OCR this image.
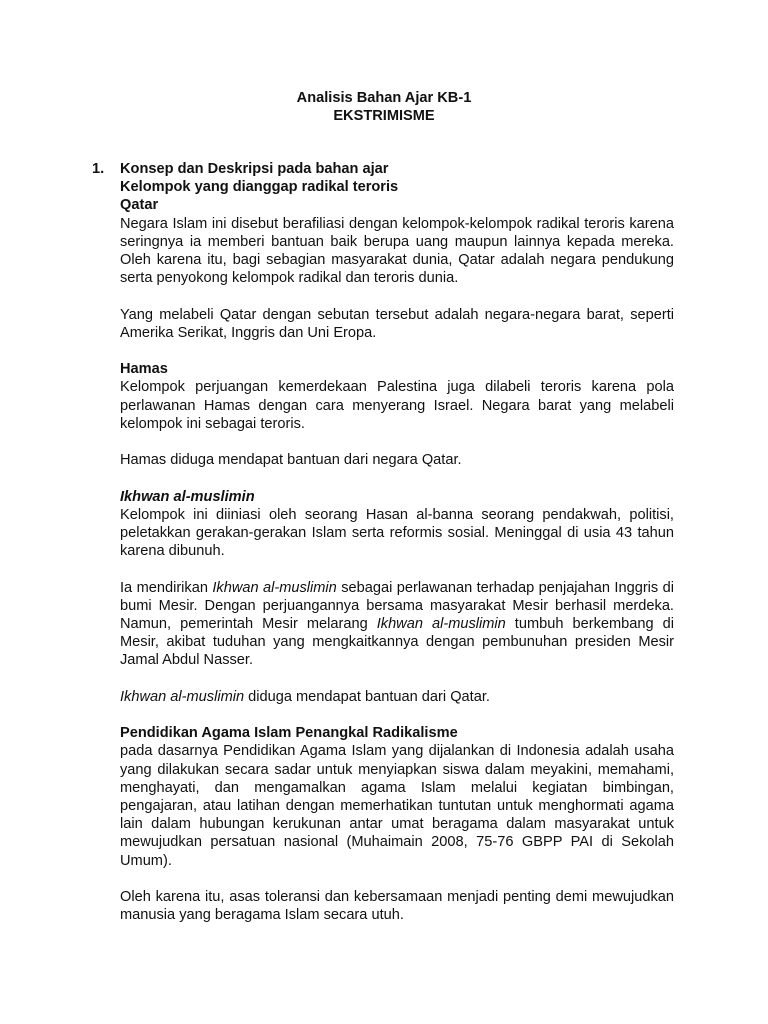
Analisis Bahan Ajar KB-1
EKSTRIMISME
1. Konsep dan Deskripsi pada bahan ajar
Kelompok yang dianggap radikal teroris
Qatar

Negara Islam ini disebut berafiliasi dengan kelompok-kelompok radikal teroris karena seringnya ia memberi bantuan baik berupa uang maupun lainnya kepada mereka. Oleh karena itu, bagi sebagian masyarakat dunia, Qatar adalah negara pendukung serta penyokong kelompok radikal dan teroris dunia.

Yang melabeli Qatar dengan sebutan tersebut adalah negara-negara barat, seperti Amerika Serikat, Inggris dan Uni Eropa.

Hamas

Kelompok perjuangan kemerdekaan Palestina juga dilabeli teroris karena pola perlawanan Hamas dengan cara menyerang Israel. Negara barat yang melabeli kelompok ini sebagai teroris.

Hamas diduga mendapat bantuan dari negara Qatar.

Ikhwan al-muslimin

Kelompok ini diiniasi oleh seorang Hasan al-banna seorang pendakwah, politisi, peletakkan gerakan-gerakan Islam serta reformis sosial. Meninggal di usia 43 tahun karena dibunuh.

Ia mendirikan Ikhwan al-muslimin sebagai perlawanan terhadap penjajahan Inggris di bumi Mesir. Dengan perjuangannya bersama masyarakat Mesir berhasil merdeka. Namun, pemerintah Mesir melarang Ikhwan al-muslimin tumbuh berkembang di Mesir, akibat tuduhan yang mengkaitkannya dengan pembunuhan presiden Mesir Jamal Abdul Nasser.

Ikhwan al-muslimin diduga mendapat bantuan dari Qatar.

Pendidikan Agama Islam Penangkal Radikalisme

pada dasarnya Pendidikan Agama Islam yang dijalankan di Indonesia adalah usaha yang dilakukan secara sadar untuk menyiapkan siswa dalam meyakini, memahami, menghayati, dan mengamalkan agama Islam melalui kegiatan bimbingan, pengajaran, atau latihan dengan memerhatikan tuntutan untuk menghormati agama lain dalam hubungan kerukunan antar umat beragama dalam masyarakat untuk mewujudkan persatuan nasional (Muhaimain 2008, 75-76 GBPP PAI di Sekolah Umum).

Oleh karena itu, asas toleransi dan kebersamaan menjadi penting demi mewujudkan manusia yang beragama Islam secara utuh.
